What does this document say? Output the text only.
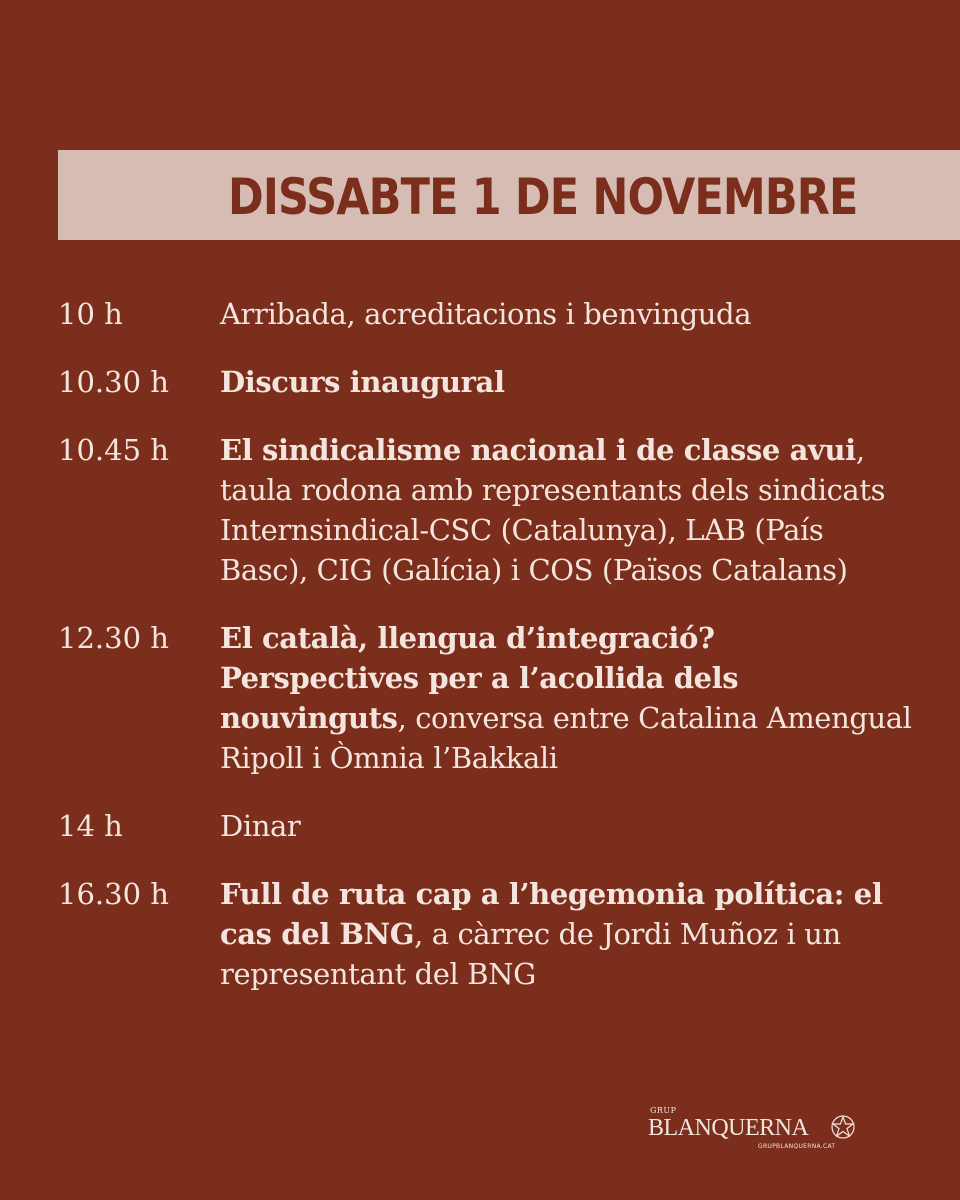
DISSABTE 1 DE NOVEMBRE
10 h	Arribada, acreditacions i benvinguda
10.30 h	Discurs inaugural
10.45 h	El sindicalisme nacional i de classe avui, taula rodona amb representants dels sindicats Internsindical-CSC (Catalunya), LAB (País Basc), CIG (Galícia) i COS (Països Catalans)
12.30 h	El català, llengua d’integració? Perspectives per a l’acollida dels nouvinguts, conversa entre Catalina Amengual Ripoll i Òmnia l’Bakkali
14 h	Dinar
16.30 h	Full de ruta cap a l’hegemonia política: el cas del BNG, a càrrec de Jordi Muñoz i un representant del BNG
GRUP
BLANQUERNA
GRUPBLANQUERNA.CAT
